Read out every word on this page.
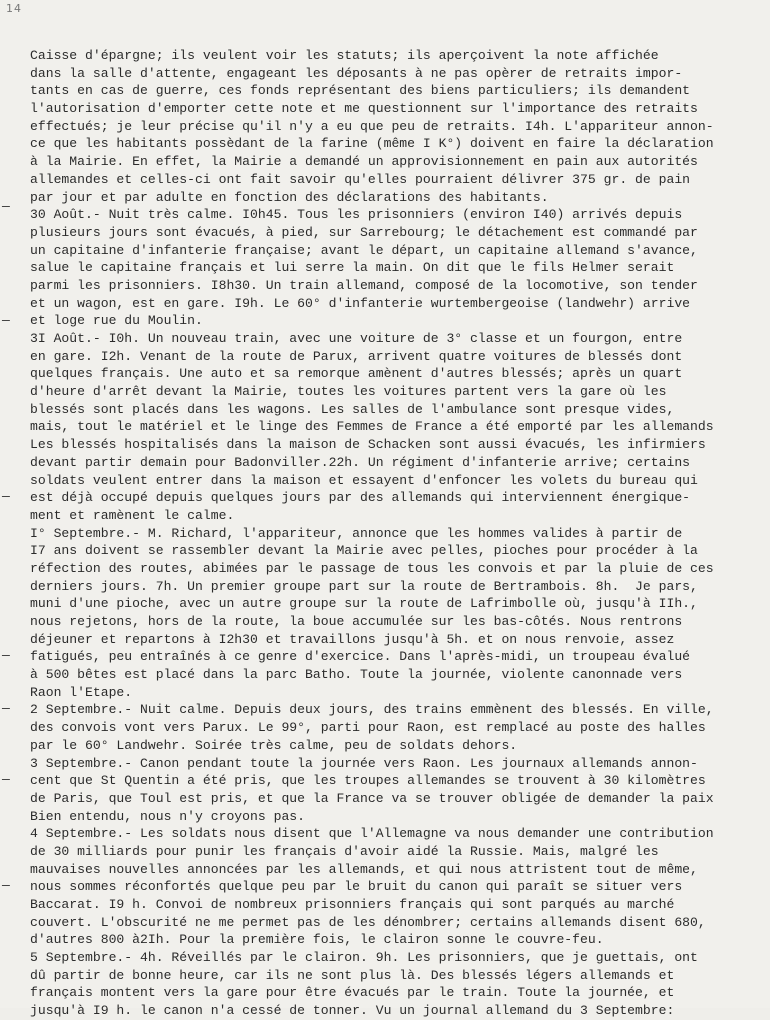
14
—
—
—
—
—
—
—
Caisse d'épargne; ils veulent voir les statuts; ils aperçoivent la note affichée
dans la salle d'attente, engageant les déposants à ne pas opèrer de retraits impor-
tants en cas de guerre, ces fonds représentant des biens particuliers; ils demandent
l'autorisation d'emporter cette note et me questionnent sur l'importance des retraits
effectués; je leur précise qu'il n'y a eu que peu de retraits. I4h. L'appariteur annon-
ce que les habitants possèdant de la farine (même I K°) doivent en faire la déclaration
à la Mairie. En effet, la Mairie a demandé un approvisionnement en pain aux autorités
allemandes et celles-ci ont fait savoir qu'elles pourraient délivrer 375 gr. de pain
par jour et par adulte en fonction des déclarations des habitants.
30 Août.- Nuit très calme. I0h45. Tous les prisonniers (environ I40) arrivés depuis
plusieurs jours sont évacués, à pied, sur Sarrebourg; le détachement est commandé par
un capitaine d'infanterie française; avant le départ, un capitaine allemand s'avance,
salue le capitaine français et lui serre la main. On dit que le fils Helmer serait
parmi les prisonniers. I8h30. Un train allemand, composé de la locomotive, son tender
et un wagon, est en gare. I9h. Le 60° d'infanterie wurtembergeoise (landwehr) arrive
et loge rue du Moulin.
3I Août.- I0h. Un nouveau train, avec une voiture de 3° classe et un fourgon, entre
en gare. I2h. Venant de la route de Parux, arrivent quatre voitures de blessés dont
quelques français. Une auto et sa remorque amènent d'autres blessés; après un quart
d'heure d'arrêt devant la Mairie, toutes les voitures partent vers la gare où les
blessés sont placés dans les wagons. Les salles de l'ambulance sont presque vides,
mais, tout le matériel et le linge des Femmes de France a été emporté par les allemands
Les blessés hospitalisés dans la maison de Schacken sont aussi évacués, les infirmiers
devant partir demain pour Badonviller.22h. Un régiment d'infanterie arrive; certains
soldats veulent entrer dans la maison et essayent d'enfoncer les volets du bureau qui
est déjà occupé depuis quelques jours par des allemands qui interviennent énergique-
ment et ramènent le calme.
I° Septembre.- M. Richard, l'appariteur, annonce que les hommes valides à partir de
I7 ans doivent se rassembler devant la Mairie avec pelles, pioches pour procéder à la
réfection des routes, abimées par le passage de tous les convois et par la pluie de ces
derniers jours. 7h. Un premier groupe part sur la route de Bertrambois. 8h.  Je pars,
muni d'une pioche, avec un autre groupe sur la route de Lafrimbolle où, jusqu'à IIh.,
nous rejetons, hors de la route, la boue accumulée sur les bas-côtés. Nous rentrons
déjeuner et repartons à I2h30 et travaillons jusqu'à 5h. et on nous renvoie, assez
fatigués, peu entraînés à ce genre d'exercice. Dans l'après-midi, un troupeau évalué
à 500 bêtes est placé dans la parc Batho. Toute la journée, violente canonnade vers
Raon l'Etape.
2 Septembre.- Nuit calme. Depuis deux jours, des trains emmènent des blessés. En ville,
des convois vont vers Parux. Le 99°, parti pour Raon, est remplacé au poste des halles
par le 60° Landwehr. Soirée très calme, peu de soldats dehors.
3 Septembre.- Canon pendant toute la journée vers Raon. Les journaux allemands annon-
cent que St Quentin a été pris, que les troupes allemandes se trouvent à 30 kilomètres
de Paris, que Toul est pris, et que la France va se trouver obligée de demander la paix
Bien entendu, nous n'y croyons pas.
4 Septembre.- Les soldats nous disent que l'Allemagne va nous demander une contribution
de 30 milliards pour punir les français d'avoir aidé la Russie. Mais, malgré les
mauvaises nouvelles annoncées par les allemands, et qui nous attristent tout de même,
nous sommes réconfortés quelque peu par le bruit du canon qui paraît se situer vers
Baccarat. I9 h. Convoi de nombreux prisonniers français qui sont parqués au marché
couvert. L'obscurité ne me permet pas de les dénombrer; certains allemands disent 680,
d'autres 800 à2Ih. Pour la première fois, le clairon sonne le couvre-feu.
5 Septembre.- 4h. Réveillés par le clairon. 9h. Les prisonniers, que je guettais, ont
dû partir de bonne heure, car ils ne sont plus là. Des blessés légers allemands et
français montent vers la gare pour être évacués par le train. Toute la journée, et
jusqu'à I9 h. le canon n'a cessé de tonner. Vu un journal allemand du 3 Septembre:
